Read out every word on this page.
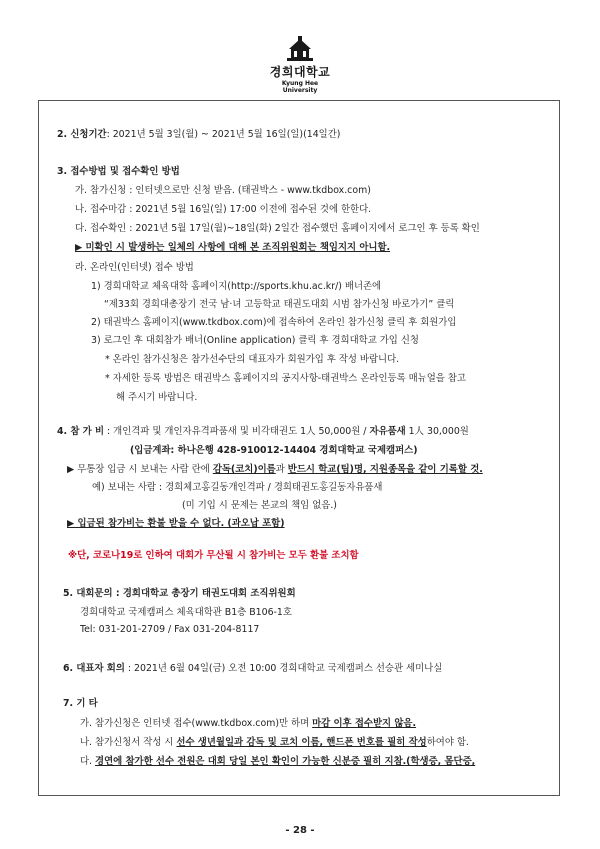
경희대학교
Kyung Hee University
2. 신청기간: 2021년 5월 3일(월) ~ 2021년 5월 16일(일)(14일간)
3. 접수방법 및 접수확인 방법
가. 참가신청 : 인터넷으로만 신청 받음. (태권박스 - www.tkdbox.com)
나. 접수마감 : 2021년 5월 16일(일) 17:00 이전에 접수된 것에 한한다.
다. 접수확인 : 2021년 5월 17일(월)~18일(화) 2일간 접수했던 홈페이지에서 로그인 후 등록 확인
▶ 미확인 시 발생하는 일체의 사항에 대해 본 조직위원회는 책임지지 아니함.
라. 온라인(인터넷) 접수 방법
1) 경희대학교 체육대학 홈페이지(http://sports.khu.ac.kr/) 배너존에
“제33회 경희대총장기 전국 남·녀 고등학교 태권도대회 시범 참가신청 바로가기” 클릭
2) 태권박스 홈페이지(www.tkdbox.com)에 접속하여 온라인 참가신청 클릭 후 회원가입
3) 로그인 후 대회참가 배너(Online application) 클릭 후 경희대학교 가입 신청
* 온라인 참가신청은 참가선수단의 대표자가 회원가입 후 작성 바랍니다.
* 자세한 등록 방법은 태권박스 홈페이지의 공지사항-태권박스 온라인등록 매뉴얼을 참고
해 주시기 바랍니다.
4. 참 가 비 : 개인격파 및 개인자유격파품새 및 비각태권도 1人 50,000원 / 자유품새 1人 30,000원
(입금계좌: 하나은행 428-910012-14404 경희대학교 국제캠퍼스)
▶ 무통장 입금 시 보내는 사람 란에 감독(코치)이름과 반드시 학교(팀)명, 지원종목을 같이 기록할 것.
예) 보내는 사람 : 경희체고홍길동개인격파 / 경희태권도홍길동자유품새
(미 기입 시 문제는 본교의 책임 없음.)
▶ 입금된 참가비는 환불 받을 수 없다. (과오납 포함)
※단, 코로나19로 인하여 대회가 무산될 시 참가비는 모두 환불 조치함
5. 대회문의 : 경희대학교 총장기 태권도대회 조직위원회
경희대학교 국제캠퍼스 체육대학관 B1층 B106-1호
Tel: 031-201-2709 / Fax 031-204-8117
6. 대표자 회의 : 2021년 6월 04일(금) 오전 10:00 경희대학교 국제캠퍼스 선승관 세미나실
7. 기 타
가. 참가신청은 인터넷 접수(www.tkdbox.com)만 하며 마감 이후 접수받지 않음.
나. 참가신청서 작성 시 선수 생년월일과 감독 및 코치 이름, 핸드폰 번호를 필히 작성하여야 함.
다. 경연에 참가한 선수 전원은 대회 당일 본인 확인이 가능한 신분증 필히 지참.(학생증, 몸단증,
- 28 -
